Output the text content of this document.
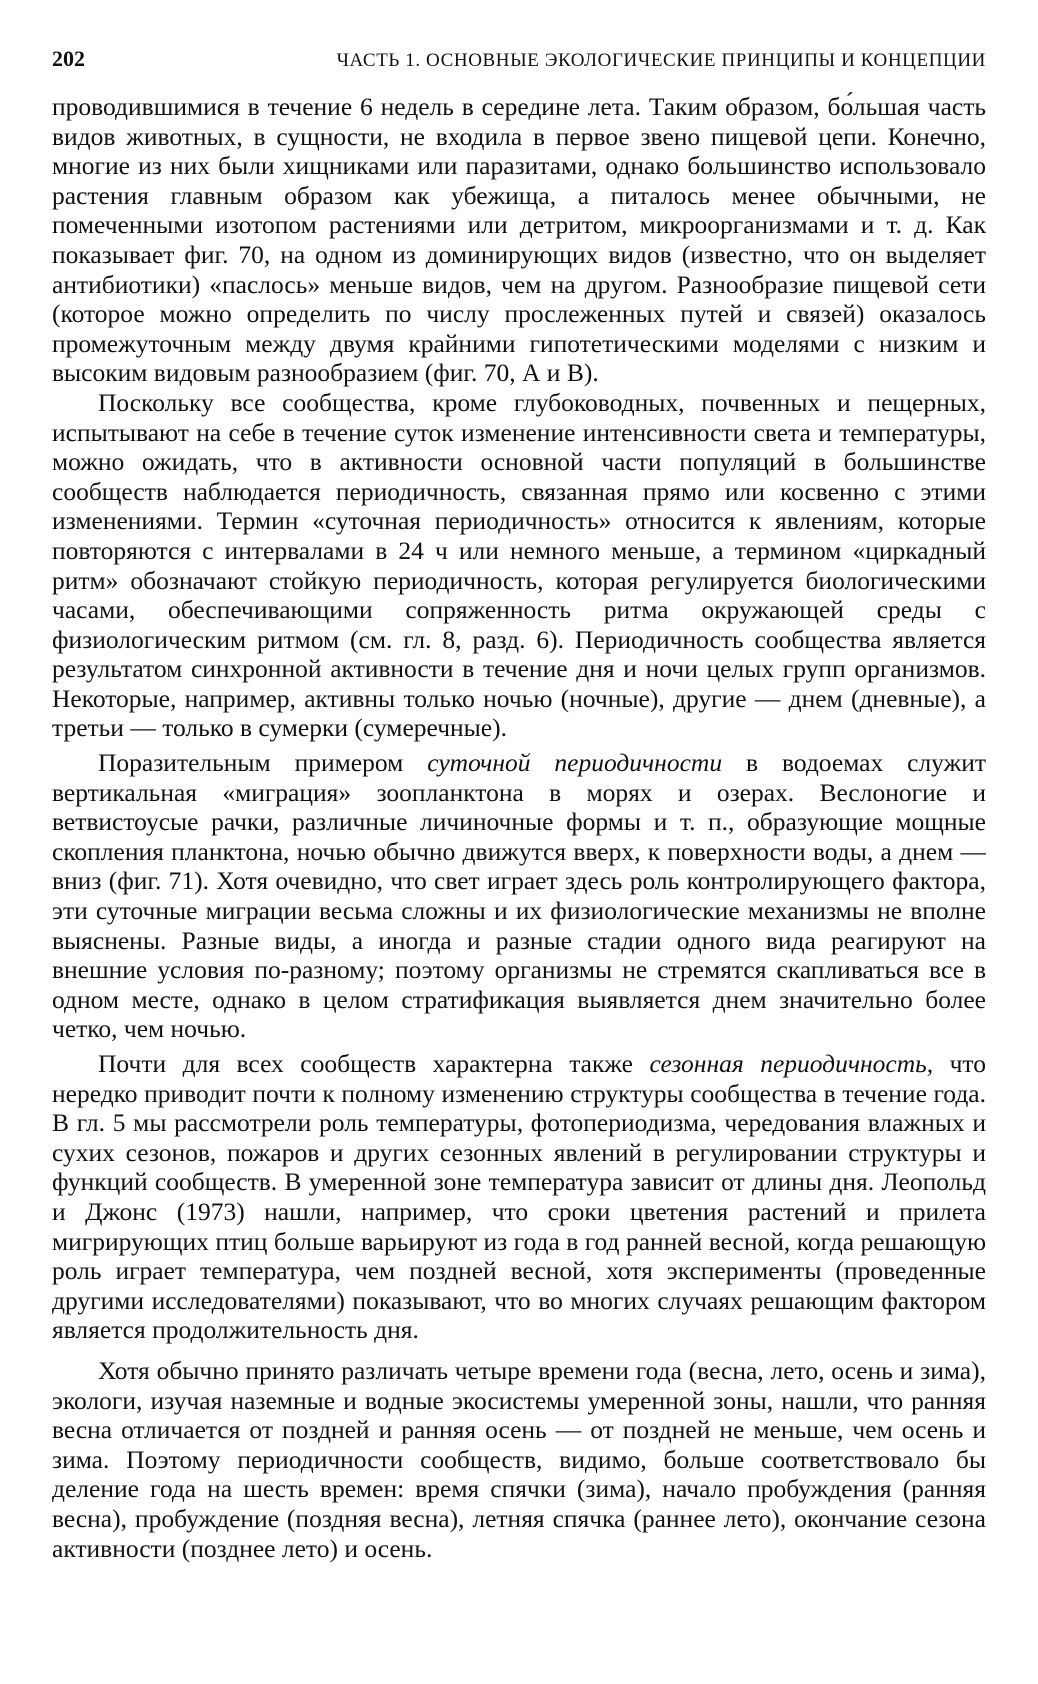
202	ЧАСТЬ 1. ОСНОВНЫЕ ЭКОЛОГИЧЕСКИЕ ПРИНЦИПЫ И КОНЦЕПЦИИ

проводившимися в течение 6 недель в середине лета. Таким образом, бо́льшая часть видов животных, в сущности, не входила в первое звено пищевой цепи. Конечно, многие из них были хищниками или паразитами, однако большинство использовало растения главным образом как убежища, а питалось менее обычными, не помеченными изотопом растениями или детритом, микроорганизмами и т. д. Как показывает фиг. 70, на одном из доминирующих видов (известно, что он выделяет антибиотики) «паслось» меньше видов, чем на другом. Разнообразие пищевой сети (которое можно определить по числу прослеженных путей и связей) оказалось промежуточным между двумя крайними гипотетическими моделями с низким и высоким видовым разнообразием (фиг. 70, А и В).

Поскольку все сообщества, кроме глубоководных, почвенных и пещерных, испытывают на себе в течение суток изменение интенсивности света и температуры, можно ожидать, что в активности основной части популяций в большинстве сообществ наблюдается периодичность, связанная прямо или косвенно с этими изменениями. Термин «суточная периодичность» относится к явлениям, которые повторяются с интервалами в 24 ч или немного меньше, а термином «циркадный ритм» обозначают стойкую периодичность, которая регулируется биологическими часами, обеспечивающими сопряженность ритма окружающей среды с физиологическим ритмом (см. гл. 8, разд. 6). Периодичность сообщества является результатом синхронной активности в течение дня и ночи целых групп организмов. Некоторые, например, активны только ночью (ночные), другие — днем (дневные), а третьи — только в сумерки (сумеречные).

Поразительным примером суточной периодичности в водоемах служит вертикальная «миграция» зоопланктона в морях и озерах. Веслоногие и ветвистоусые рачки, различные личиночные формы и т. п., образующие мощные скопления планктона, ночью обычно движутся вверх, к поверхности воды, а днем — вниз (фиг. 71). Хотя очевидно, что свет играет здесь роль контролирующего фактора, эти суточные миграции весьма сложны и их физиологические механизмы не вполне выяснены. Разные виды, а иногда и разные стадии одного вида реагируют на внешние условия по-разному; поэтому организмы не стремятся скапливаться все в одном месте, однако в целом стратификация выявляется днем значительно более четко, чем ночью.

Почти для всех сообществ характерна также сезонная периодичность, что нередко приводит почти к полному изменению структуры сообщества в течение года. В гл. 5 мы рассмотрели роль температуры, фотопериодизма, чередования влажных и сухих сезонов, пожаров и других сезонных явлений в регулировании структуры и функций сообществ. В умеренной зоне температура зависит от длины дня. Леопольд и Джонс (1973) нашли, например, что сроки цветения растений и прилета мигрирующих птиц больше варьируют из года в год ранней весной, когда решающую роль играет температура, чем поздней весной, хотя эксперименты (проведенные другими исследователями) показывают, что во многих случаях решающим фактором является продолжительность дня.

Хотя обычно принято различать четыре времени года (весна, лето, осень и зима), экологи, изучая наземные и водные экосистемы умеренной зоны, нашли, что ранняя весна отличается от поздней и ранняя осень — от поздней не меньше, чем осень и зима. Поэтому периодичности сообществ, видимо, больше соответствовало бы деление года на шесть времен: время спячки (зима), начало пробуждения (ранняя весна), пробуждение (поздняя весна), летняя спячка (раннее лето), окончание сезона активности (позднее лето) и осень.
